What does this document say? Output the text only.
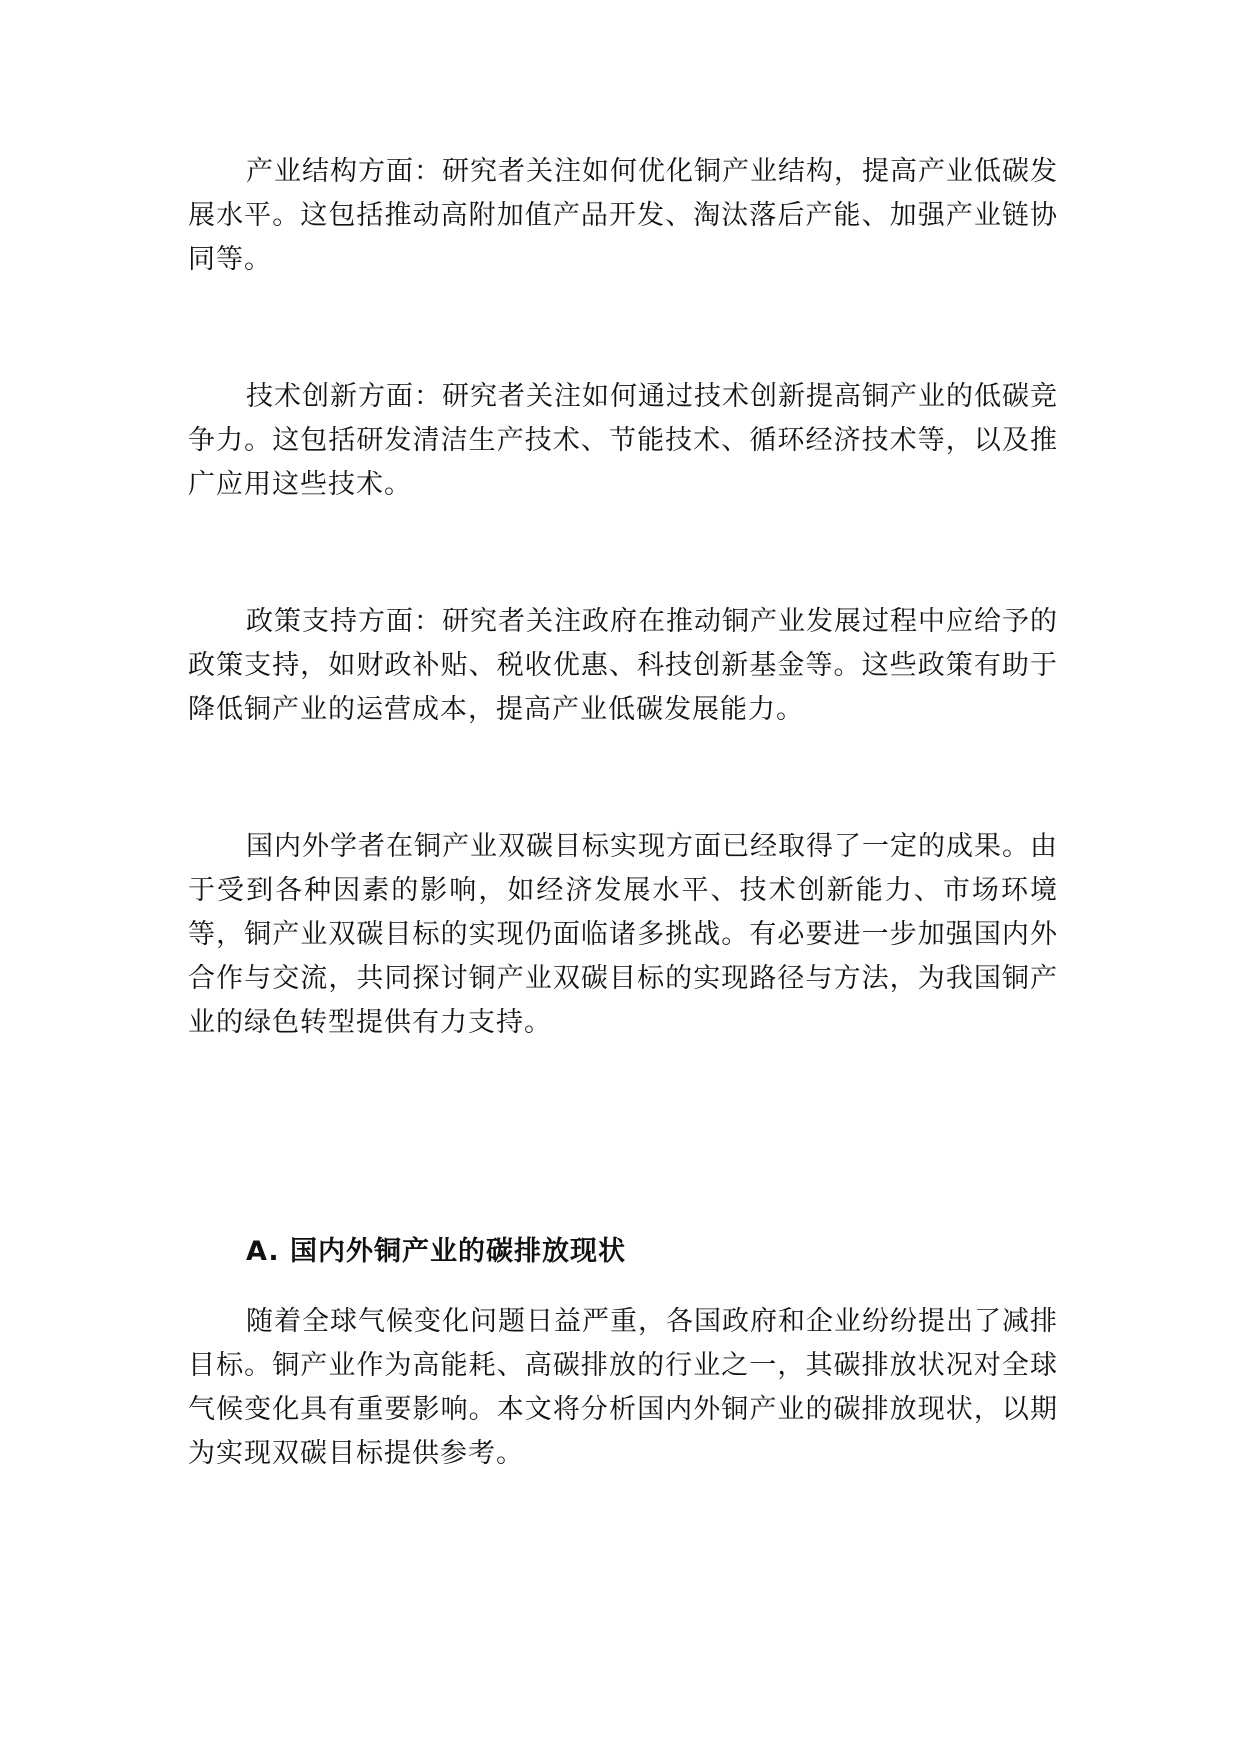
产业结构方面：研究者关注如何优化铜产业结构，提高产业低碳发展水平。这包括推动高附加值产品开发、淘汰落后产能、加强产业链协同等。

技术创新方面：研究者关注如何通过技术创新提高铜产业的低碳竞争力。这包括研发清洁生产技术、节能技术、循环经济技术等，以及推广应用这些技术。

政策支持方面：研究者关注政府在推动铜产业发展过程中应给予的政策支持，如财政补贴、税收优惠、科技创新基金等。这些政策有助于降低铜产业的运营成本，提高产业低碳发展能力。

国内外学者在铜产业双碳目标实现方面已经取得了一定的成果。由于受到各种因素的影响，如经济发展水平、技术创新能力、市场环境等，铜产业双碳目标的实现仍面临诸多挑战。有必要进一步加强国内外合作与交流，共同探讨铜产业双碳目标的实现路径与方法，为我国铜产业的绿色转型提供有力支持。

A. 国内外铜产业的碳排放现状

随着全球气候变化问题日益严重，各国政府和企业纷纷提出了减排目标。铜产业作为高能耗、高碳排放的行业之一，其碳排放状况对全球气候变化具有重要影响。本文将分析国内外铜产业的碳排放现状，以期为实现双碳目标提供参考。
